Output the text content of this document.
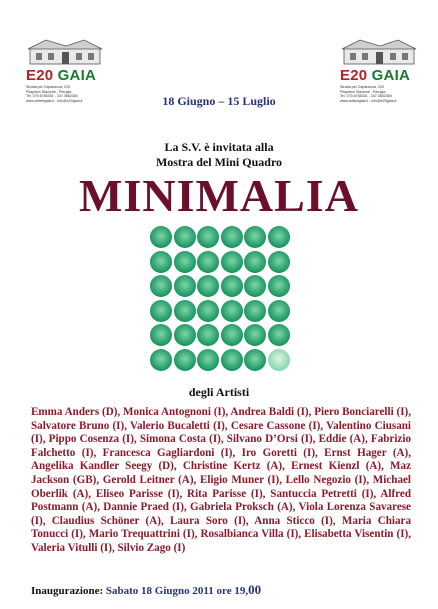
E20 GAIA
Strada per Capanecca, 220
Pilapiano Stazione - Perugia
Tel. 075.6785351 - 347.3682384
www.arfiamgaia.it - info@e20gaia.it
E20 GAIA
Strada per Capanecca, 220
Pilapiano Stazione - Perugia
Tel. 075.6785351 - 347.3682384
www.arfiamgaia.it - info@e20gaia.it
18 Giugno – 15 Luglio
La S.V. è invitata alla
Mostra del Mini Quadro
MINIMALIA
degli Artisti
Emma Anders (D), Monica Antognoni (I), Andrea Baldi (I), Piero Bonciarelli (I), Salvatore Bruno (I), Valerio Bucaletti (I), Cesare Cassone (I), Valentino Ciusani (I), Pippo Cosenza (I), Simona Costa (I), Silvano D’Orsi (I), Eddie (A), Fabrizio Falchetto (I), Francesca Gagliardoni (I), Iro Goretti (I), Ernst Hager (A), Angelika Kandler Seegy (D), Christine Kertz (A), Ernest Kienzl (A), Maz Jackson (GB), Gerold Leitner (A), Eligio Muner (I), Lello Negozio (I), Michael Oberlik (A), Eliseo Parisse (I), Rita Parisse (I), Santuccia Petretti (I), Alfred Postmann (A), Dannie Praed (I), Gabriela Proksch (A), Viola Lorenza Savarese (I), Claudius Schöner (A), Laura Soro (I), Anna Sticco (I), Maria Chiara Tonucci (I), Mario Trequattrini (I), Rosalbianca Villa (I), Elisabetta Visentin (I), Valeria Vitulli (I), Silvio Zago (I)
Inaugurazione: Sabato 18 Giugno 2011 ore 19,00
